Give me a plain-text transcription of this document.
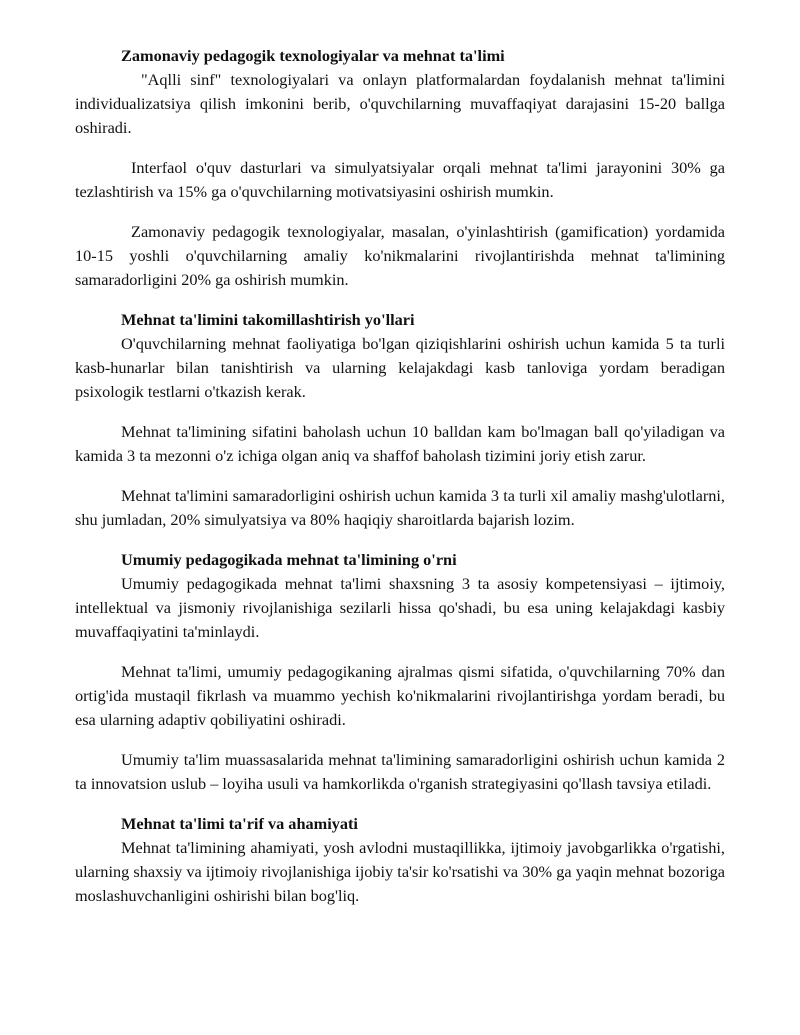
Zamonaviy pedagogik texnologiyalar va mehnat ta'limi

"Aqlli sinf" texnologiyalari va onlayn platformalardan foydalanish mehnat ta'limini individualizatsiya qilish imkonini berib, o'quvchilarning muvaffaqiyat darajasini 15-20 ballga oshiradi.

Interfaol o'quv dasturlari va simulyatsiyalar orqali mehnat ta'limi jarayonini 30% ga tezlashtirish va 15% ga o'quvchilarning motivatsiyasini oshirish mumkin.

Zamonaviy pedagogik texnologiyalar, masalan, o'yinlashtirish (gamification) yordamida 10-15 yoshli o'quvchilarning amaliy ko'nikmalarini rivojlantirishda mehnat ta'limining samaradorligini 20% ga oshirish mumkin.

Mehnat ta'limini takomillashtirish yo'llari

O'quvchilarning mehnat faoliyatiga bo'lgan qiziqishlarini oshirish uchun kamida 5 ta turli kasb-hunarlar bilan tanishtirish va ularning kelajakdagi kasb tanloviga yordam beradigan psixologik testlarni o'tkazish kerak.

Mehnat ta'limining sifatini baholash uchun 10 balldan kam bo'lmagan ball qo'yiladigan va kamida 3 ta mezonni o'z ichiga olgan aniq va shaffof baholash tizimini joriy etish zarur.

Mehnat ta'limini samaradorligini oshirish uchun kamida 3 ta turli xil amaliy mashg'ulotlarni, shu jumladan, 20% simulyatsiya va 80% haqiqiy sharoitlarda bajarish lozim.

Umumiy pedagogikada mehnat ta'limining o'rni

Umumiy pedagogikada mehnat ta'limi shaxsning 3 ta asosiy kompetensiyasi – ijtimoiy, intellektual va jismoniy rivojlanishiga sezilarli hissa qo'shadi, bu esa uning kelajakdagi kasbiy muvaffaqiyatini ta'minlaydi.

Mehnat ta'limi, umumiy pedagogikaning ajralmas qismi sifatida, o'quvchilarning 70% dan ortig'ida mustaqil fikrlash va muammo yechish ko'nikmalarini rivojlantirishga yordam beradi, bu esa ularning adaptiv qobiliyatini oshiradi.

Umumiy ta'lim muassasalarida mehnat ta'limining samaradorligini oshirish uchun kamida 2 ta innovatsion uslub – loyiha usuli va hamkorlikda o'rganish strategiyasini qo'llash tavsiya etiladi.

Mehnat ta'limi ta'rif va ahamiyati

Mehnat ta'limining ahamiyati, yosh avlodni mustaqillikka, ijtimoiy javobgarlikka o'rgatishi, ularning shaxsiy va ijtimoiy rivojlanishiga ijobiy ta'sir ko'rsatishi va 30% ga yaqin mehnat bozoriga moslashuvchanligini oshirishi bilan bog'liq.
